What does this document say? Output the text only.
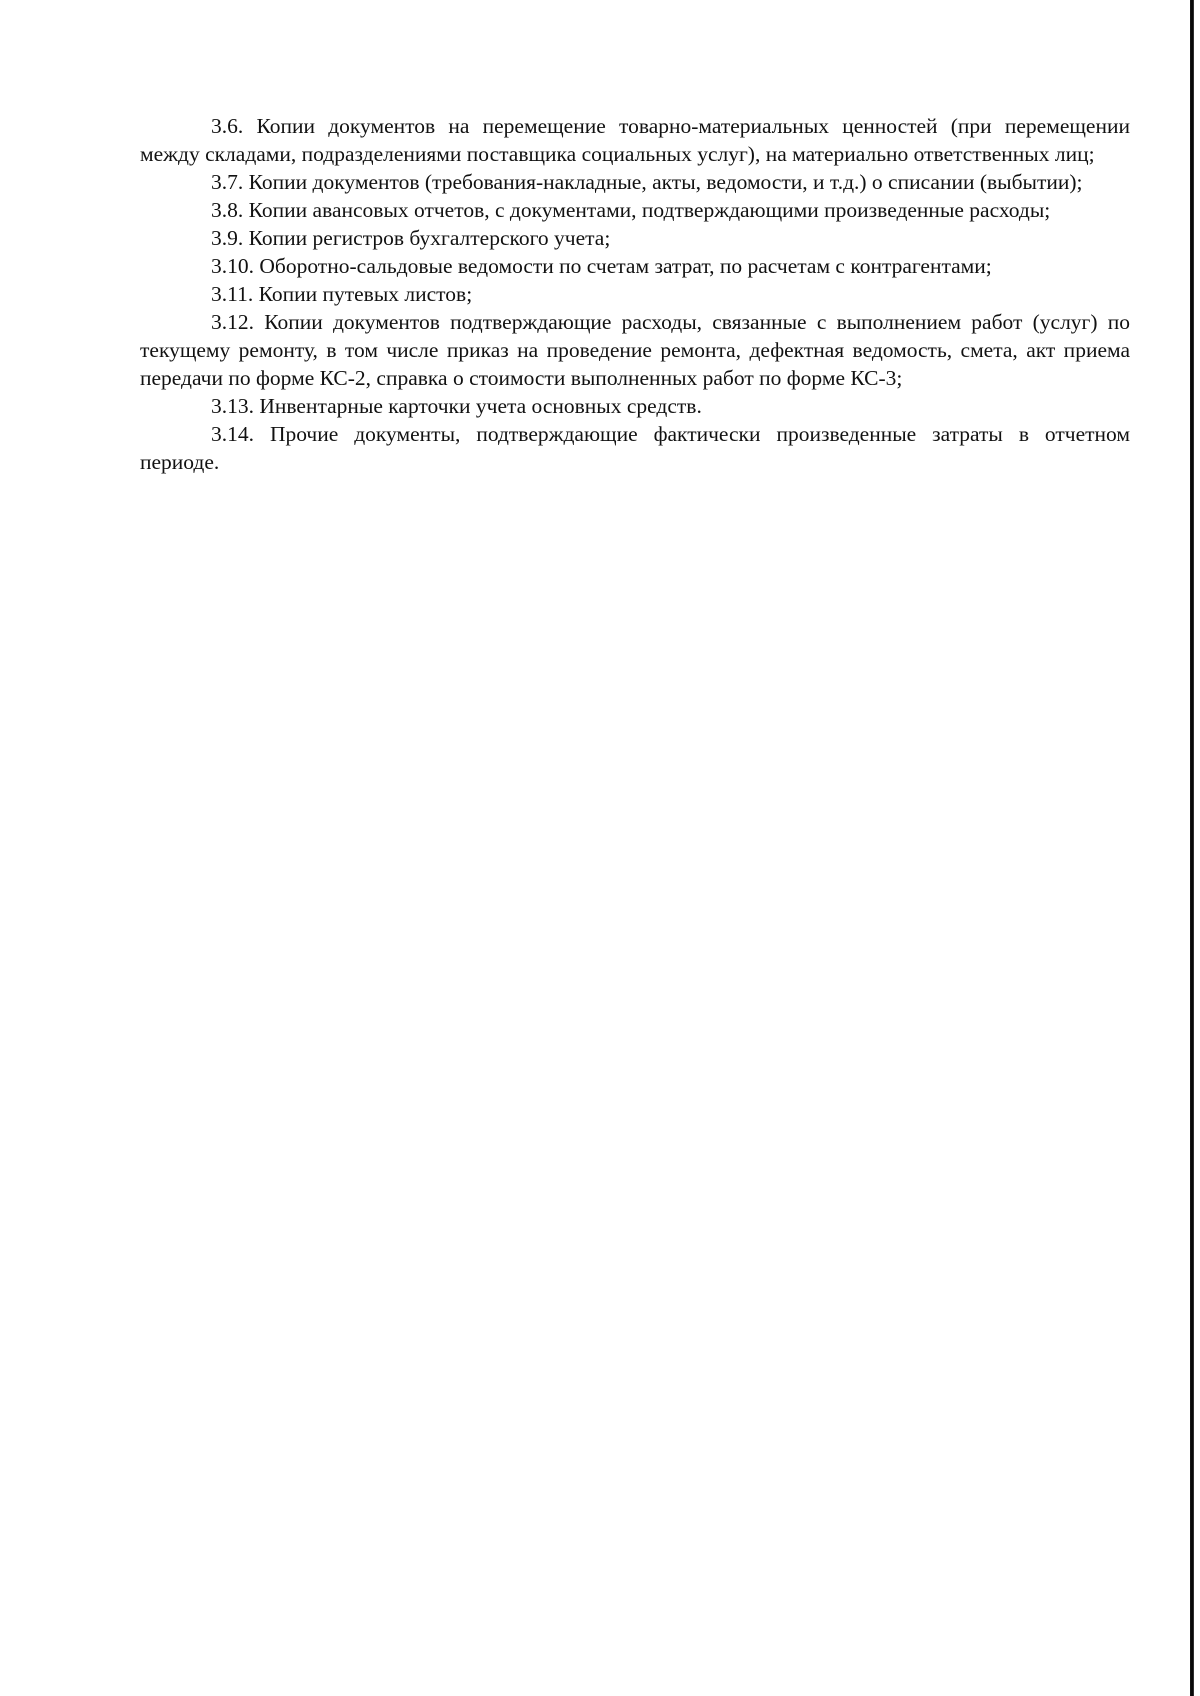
3.6. Копии документов на перемещение товарно-материальных ценностей (при перемещении между складами, подразделениями поставщика социальных услуг), на материально ответственных лиц;

3.7. Копии документов (требования-накладные, акты, ведомости, и т.д.) о списании (выбытии);

3.8. Копии авансовых отчетов, с документами, подтверждающими произведенные расходы;

3.9. Копии регистров бухгалтерского учета;

3.10. Оборотно-сальдовые ведомости по счетам затрат, по расчетам с контрагентами;

3.11. Копии путевых листов;

3.12. Копии документов подтверждающие расходы, связанные с выполнением работ (услуг) по текущему ремонту, в том числе приказ на проведение ремонта, дефектная ведомость, смета, акт приема передачи по форме КС-2, справка о стоимости выполненных работ по форме КС-3;

3.13. Инвентарные карточки учета основных средств.

3.14. Прочие документы, подтверждающие фактически произведенные затраты в отчетном периоде.
